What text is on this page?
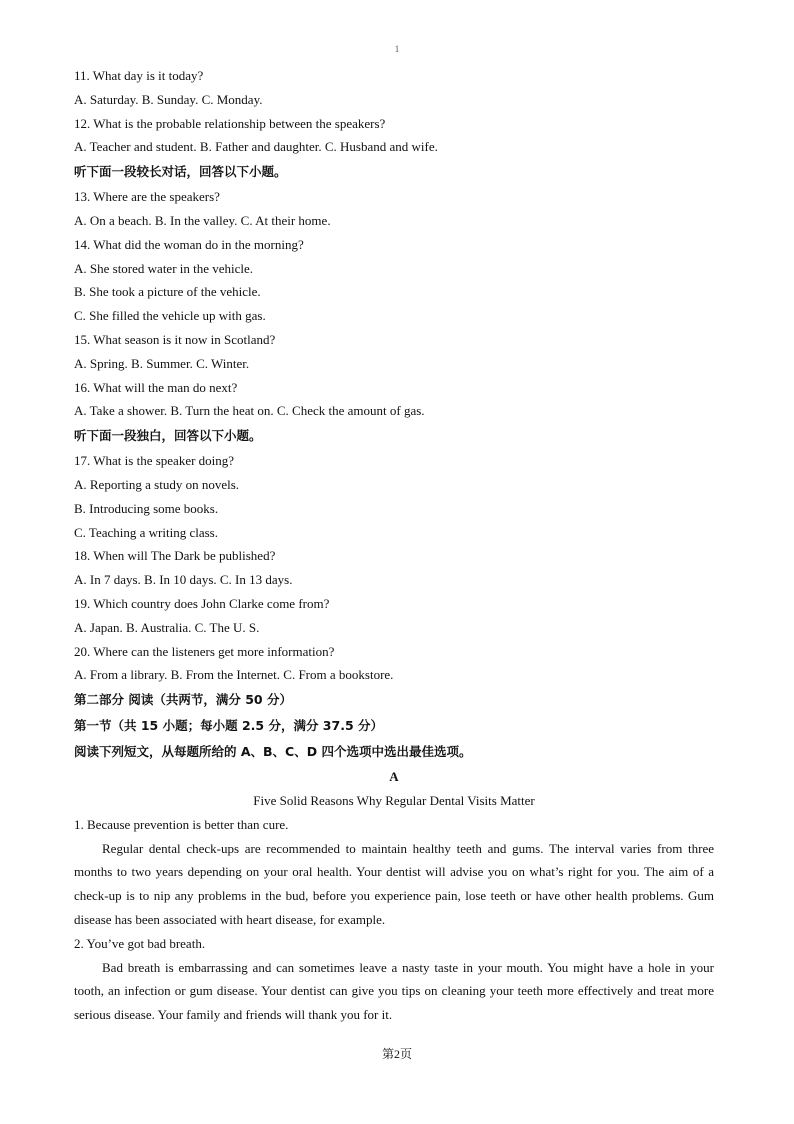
1
11. What day is it today?
A. Saturday. B. Sunday. C. Monday.
12. What is the probable relationship between the speakers?
A. Teacher and student. B. Father and daughter. C. Husband and wife.
听下面一段较长对话，回答以下小题。
13. Where are the speakers?
A. On a beach. B. In the valley. C. At their home.
14. What did the woman do in the morning?
A. She stored water in the vehicle.
B. She took a picture of the vehicle.
C. She filled the vehicle up with gas.
15. What season is it now in Scotland?
A. Spring. B. Summer. C. Winter.
16. What will the man do next?
A. Take a shower. B. Turn the heat on. C. Check the amount of gas.
听下面一段独白，回答以下小题。
17. What is the speaker doing?
A. Reporting a study on novels.
B. Introducing some books.
C. Teaching a writing class.
18. When will The Dark be published?
A. In 7 days. B. In 10 days. C. In 13 days.
19. Which country does John Clarke come from?
A. Japan. B. Australia. C. The U. S.
20. Where can the listeners get more information?
A. From a library. B. From the Internet. C. From a bookstore.
第二部分 阅读（共两节，满分 50 分）
第一节（共 15 小题；每小题 2.5 分，满分 37.5 分）
阅读下列短文，从每题所给的 A、B、C、D 四个选项中选出最佳选项。
A
Five Solid Reasons Why Regular Dental Visits Matter
1. Because prevention is better than cure.

Regular dental check-ups are recommended to maintain healthy teeth and gums. The interval varies from three months to two years depending on your oral health. Your dentist will advise you on what’s right for you. The aim of a check-up is to nip any problems in the bud, before you experience pain, lose teeth or have other health problems. Gum disease has been associated with heart disease, for example.

2. You’ve got bad breath.

Bad breath is embarrassing and can sometimes leave a nasty taste in your mouth. You might have a hole in your tooth, an infection or gum disease. Your dentist can give you tips on cleaning your teeth more effectively and treat more serious disease. Your family and friends will thank you for it.

第2页
